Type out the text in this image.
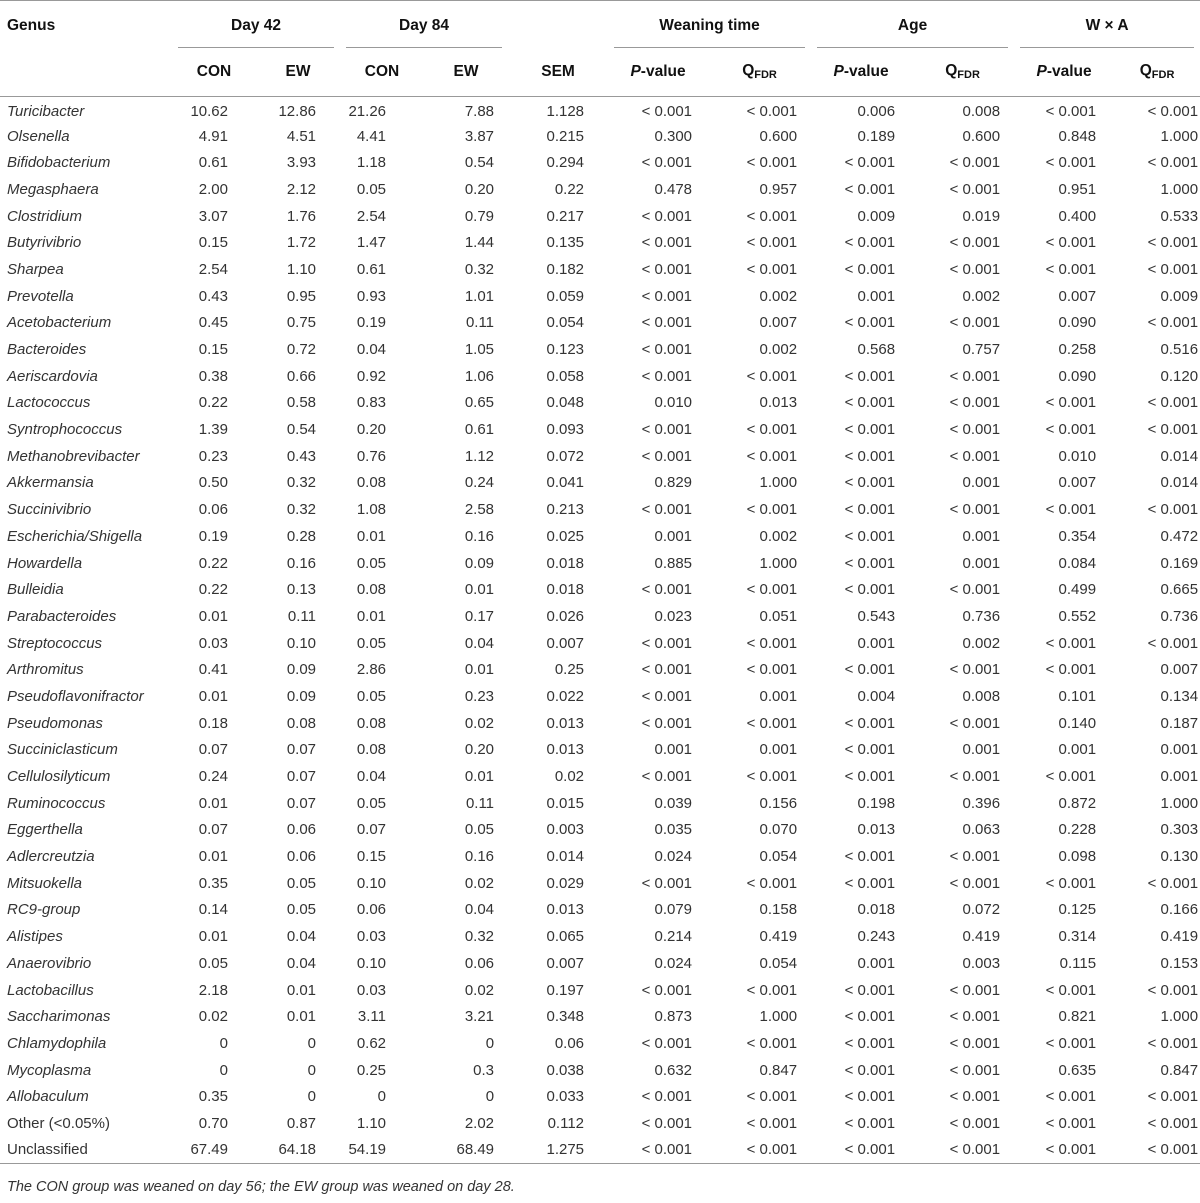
Genus	Day 42		Day 84			Weaning time		Age		W × A	

	CON	EW	CON	EW	SEM	P-value	$Q_{FDR}$	P-value	$Q_{FDR}$	P-value	$Q_{FDR}$
Turicibacter	10.62	12.86	21.26	7.88	1.128	< 0.001	< 0.001	0.006	0.008	< 0.001	< 0.001
Olsenella	4.91	4.51	4.41	3.87	0.215	0.300	0.600	0.189	0.600	0.848	1.000
Bifidobacterium	0.61	3.93	1.18	0.54	0.294	< 0.001	< 0.001	< 0.001	< 0.001	< 0.001	< 0.001
Megasphaera	2.00	2.12	0.05	0.20	0.22	0.478	0.957	< 0.001	< 0.001	0.951	1.000
Clostridium	3.07	1.76	2.54	0.79	0.217	< 0.001	< 0.001	0.009	0.019	0.400	0.533
Butyrivibrio	0.15	1.72	1.47	1.44	0.135	< 0.001	< 0.001	< 0.001	< 0.001	< 0.001	< 0.001
Sharpea	2.54	1.10	0.61	0.32	0.182	< 0.001	< 0.001	< 0.001	< 0.001	< 0.001	< 0.001
Prevotella	0.43	0.95	0.93	1.01	0.059	< 0.001	0.002	0.001	0.002	0.007	0.009
Acetobacterium	0.45	0.75	0.19	0.11	0.054	< 0.001	0.007	< 0.001	< 0.001	0.090	< 0.001
Bacteroides	0.15	0.72	0.04	1.05	0.123	< 0.001	0.002	0.568	0.757	0.258	0.516
Aeriscardovia	0.38	0.66	0.92	1.06	0.058	< 0.001	< 0.001	< 0.001	< 0.001	0.090	0.120
Lactococcus	0.22	0.58	0.83	0.65	0.048	0.010	0.013	< 0.001	< 0.001	< 0.001	< 0.001
Syntrophococcus	1.39	0.54	0.20	0.61	0.093	< 0.001	< 0.001	< 0.001	< 0.001	< 0.001	< 0.001
Methanobrevibacter	0.23	0.43	0.76	1.12	0.072	< 0.001	< 0.001	< 0.001	< 0.001	0.010	0.014
Akkermansia	0.50	0.32	0.08	0.24	0.041	0.829	1.000	< 0.001	0.001	0.007	0.014
Succinivibrio	0.06	0.32	1.08	2.58	0.213	< 0.001	< 0.001	< 0.001	< 0.001	< 0.001	< 0.001
Escherichia/Shigella	0.19	0.28	0.01	0.16	0.025	0.001	0.002	< 0.001	0.001	0.354	0.472
Howardella	0.22	0.16	0.05	0.09	0.018	0.885	1.000	< 0.001	0.001	0.084	0.169
Bulleidia	0.22	0.13	0.08	0.01	0.018	< 0.001	< 0.001	< 0.001	< 0.001	0.499	0.665
Parabacteroides	0.01	0.11	0.01	0.17	0.026	0.023	0.051	0.543	0.736	0.552	0.736
Streptococcus	0.03	0.10	0.05	0.04	0.007	< 0.001	< 0.001	0.001	0.002	< 0.001	< 0.001
Arthromitus	0.41	0.09	2.86	0.01	0.25	< 0.001	< 0.001	< 0.001	< 0.001	< 0.001	0.007
Pseudoflavonifractor	0.01	0.09	0.05	0.23	0.022	< 0.001	0.001	0.004	0.008	0.101	0.134
Pseudomonas	0.18	0.08	0.08	0.02	0.013	< 0.001	< 0.001	< 0.001	< 0.001	0.140	0.187
Succiniclasticum	0.07	0.07	0.08	0.20	0.013	0.001	0.001	< 0.001	0.001	0.001	0.001
Cellulosilyticum	0.24	0.07	0.04	0.01	0.02	< 0.001	< 0.001	< 0.001	< 0.001	< 0.001	0.001
Ruminococcus	0.01	0.07	0.05	0.11	0.015	0.039	0.156	0.198	0.396	0.872	1.000
Eggerthella	0.07	0.06	0.07	0.05	0.003	0.035	0.070	0.013	0.063	0.228	0.303
Adlercreutzia	0.01	0.06	0.15	0.16	0.014	0.024	0.054	< 0.001	< 0.001	0.098	0.130
Mitsuokella	0.35	0.05	0.10	0.02	0.029	< 0.001	< 0.001	< 0.001	< 0.001	< 0.001	< 0.001
RC9-group	0.14	0.05	0.06	0.04	0.013	0.079	0.158	0.018	0.072	0.125	0.166
Alistipes	0.01	0.04	0.03	0.32	0.065	0.214	0.419	0.243	0.419	0.314	0.419
Anaerovibrio	0.05	0.04	0.10	0.06	0.007	0.024	0.054	0.001	0.003	0.115	0.153
Lactobacillus	2.18	0.01	0.03	0.02	0.197	< 0.001	< 0.001	< 0.001	< 0.001	< 0.001	< 0.001
Saccharimonas	0.02	0.01	3.11	3.21	0.348	0.873	1.000	< 0.001	< 0.001	0.821	1.000
Chlamydophila	0	0	0.62	0	0.06	< 0.001	< 0.001	< 0.001	< 0.001	< 0.001	< 0.001
Mycoplasma	0	0	0.25	0.3	0.038	0.632	0.847	< 0.001	< 0.001	0.635	0.847
Allobaculum	0.35	0	0	0	0.033	< 0.001	< 0.001	< 0.001	< 0.001	< 0.001	< 0.001
Other (<0.05%)	0.70	0.87	1.10	2.02	0.112	< 0.001	< 0.001	< 0.001	< 0.001	< 0.001	< 0.001
Unclassified	67.49	64.18	54.19	68.49	1.275	< 0.001	< 0.001	< 0.001	< 0.001	< 0.001	< 0.001
The CON group was weaned on day 56; the EW group was weaned on day 28.
